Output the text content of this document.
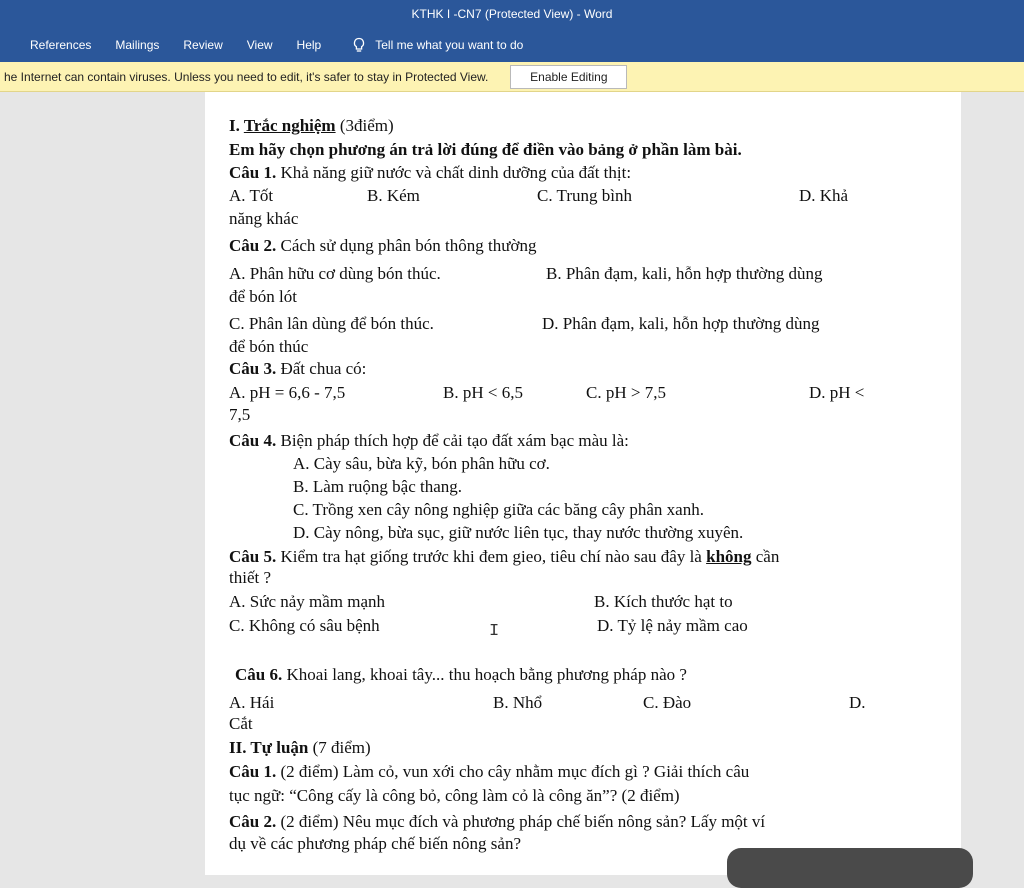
KTHK I -CN7 (Protected View) - Word
References	Mailings	Review	View	Help	Tell me what you want to do
he Internet can contain viruses. Unless you need to edit, it's safer to stay in Protected View.	Enable Editing
I. Trắc nghiệm (3điểm)
Em hãy chọn phương án trả lời đúng để điền vào bảng ở phần làm bài.
Câu 1. Khả năng giữ nước và chất dinh dưỡng của đất thịt:
A. Tốt	B. Kém	C. Trung bình	D. Khả
năng khác
Câu 2. Cách sử dụng phân bón thông thường
A. Phân hữu cơ dùng bón thúc.	B. Phân đạm, kali, hỗn hợp thường dùng
để bón lót
C. Phân lân dùng để bón thúc.	D. Phân đạm, kali, hỗn hợp thường dùng
để bón thúc
Câu 3. Đất chua có:
A. pH = 6,6 - 7,5	B. pH < 6,5	C. pH > 7,5	D. pH <
7,5
Câu 4. Biện pháp thích hợp để cải tạo đất xám bạc màu là:
A. Cày sâu, bừa kỹ, bón phân hữu cơ.
B. Làm ruộng bậc thang.
C. Trồng xen cây nông nghiệp giữa các băng cây phân xanh.
D. Cày nông, bừa sục, giữ nước liên tục, thay nước thường xuyên.
Câu 5. Kiểm tra hạt giống trước khi đem gieo, tiêu chí nào sau đây là không cần
thiết ?
A. Sức nảy mầm mạnh	B. Kích thước hạt to
C. Không có sâu bệnh	D. Tỷ lệ nảy mầm cao
I
Câu 6. Khoai lang, khoai tây... thu hoạch bằng phương pháp nào ?
A. Hái	B. Nhổ	C. Đào	D.
Cắt
II. Tự luận (7 điểm)
Câu 1. (2 điểm) Làm cỏ, vun xới cho cây nhằm mục đích gì ? Giải thích câu
tục ngữ: “Công cấy là công bỏ, công làm cỏ là công ăn”? (2 điểm)
Câu 2. (2 điểm) Nêu mục đích và phương pháp chế biến nông sản? Lấy một ví
dụ về các phương pháp chế biến nông sản?
